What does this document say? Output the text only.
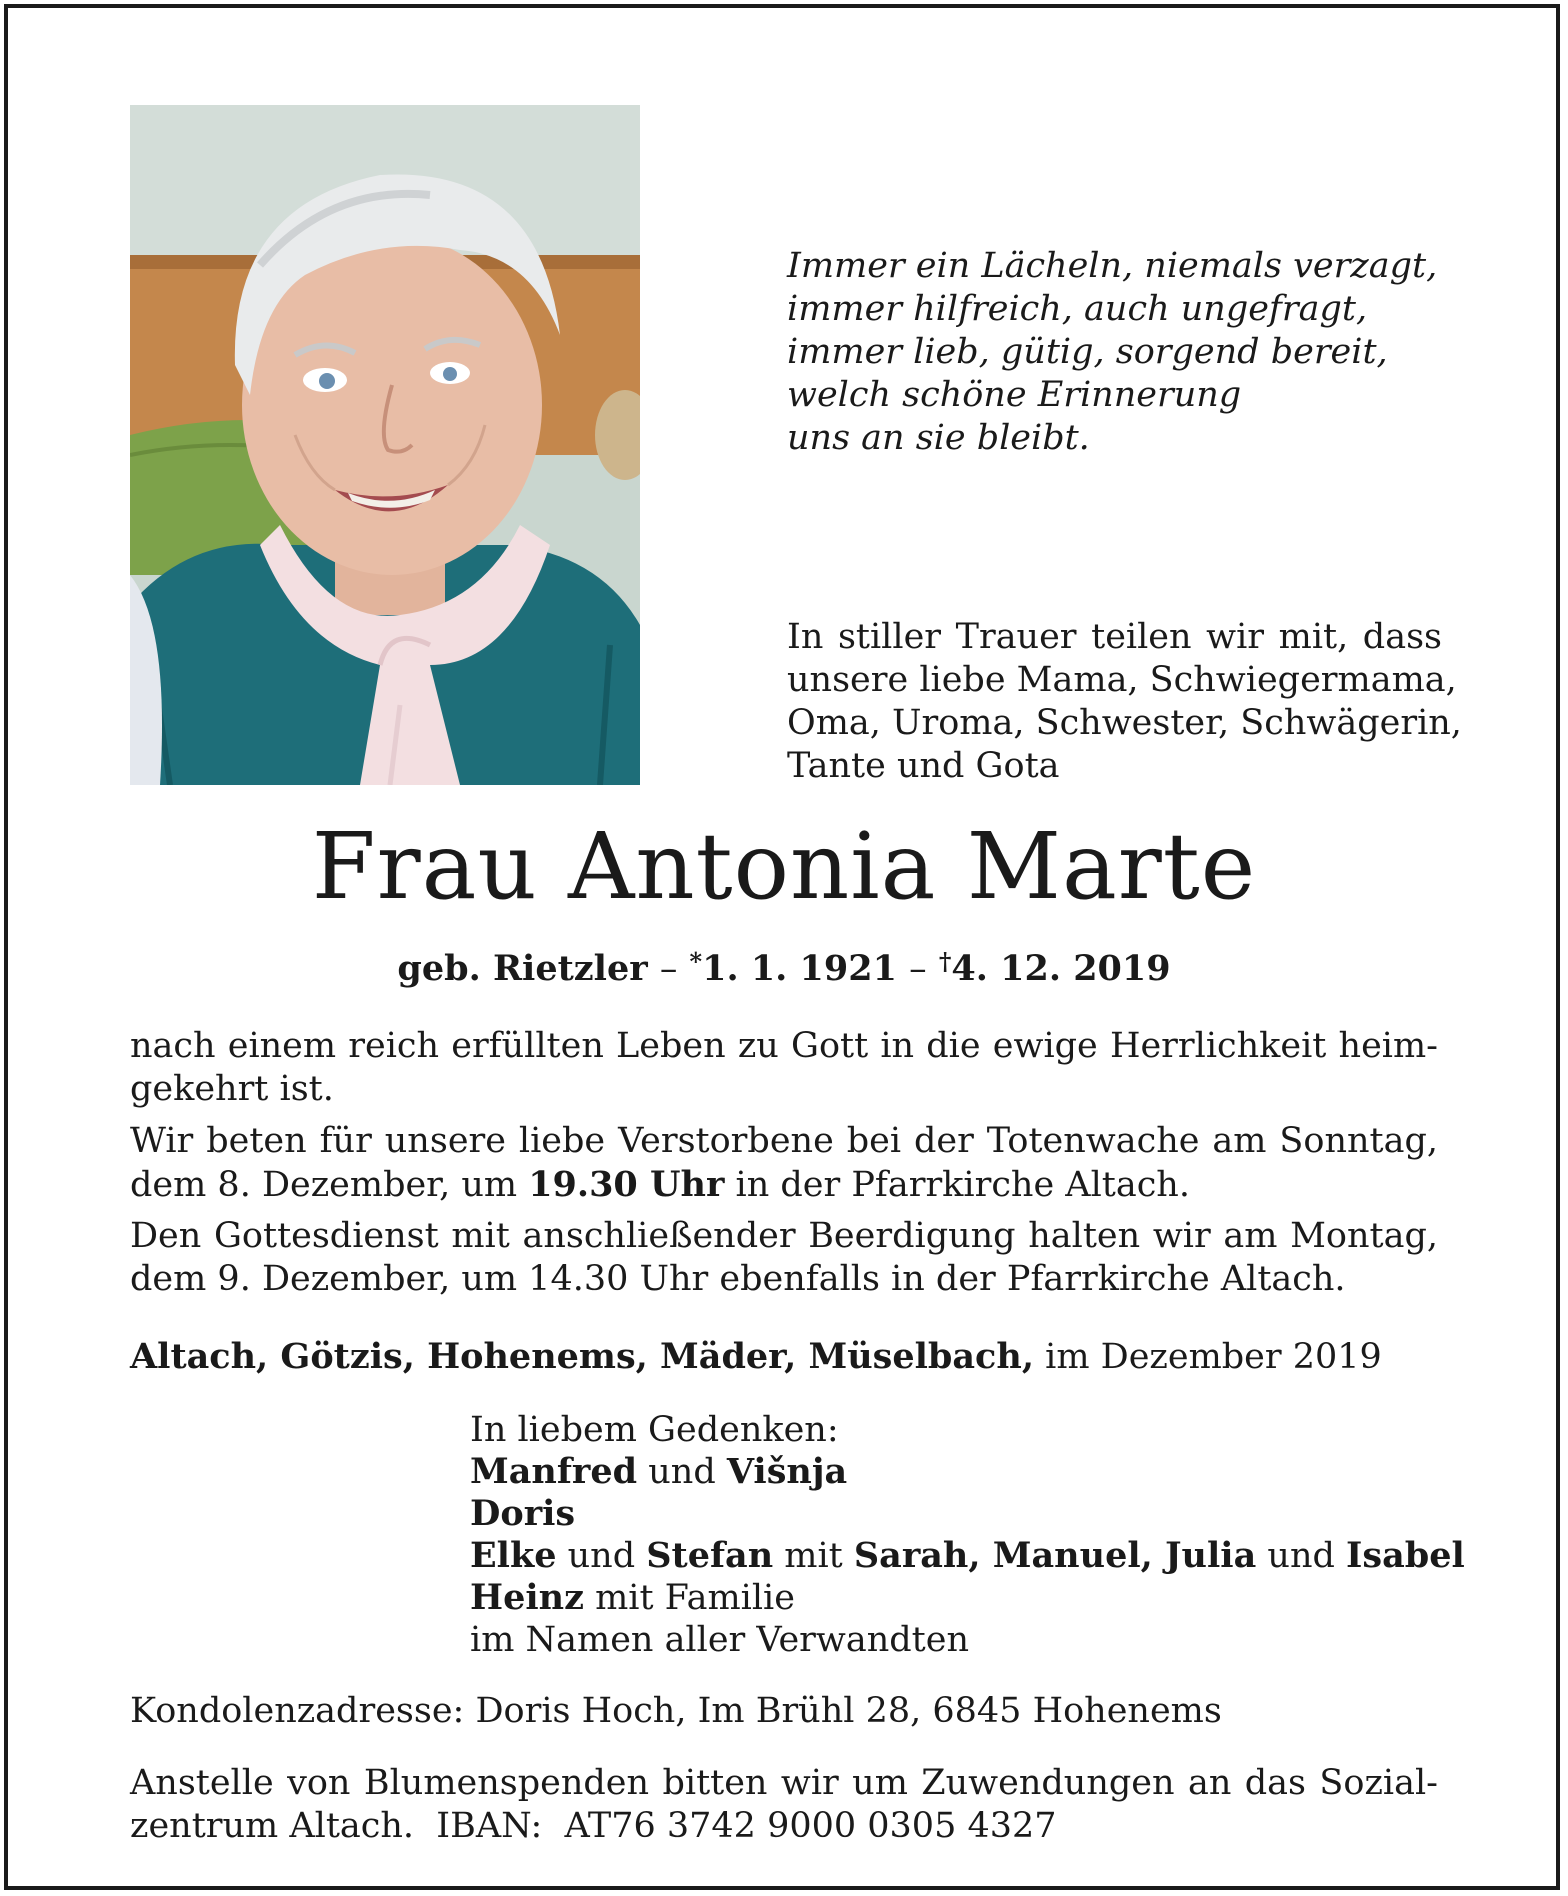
Immer ein Lächeln, niemals verzagt,
immer hilfreich, auch ungefragt,
immer lieb, gütig, sorgend bereit,
welch schöne Erinnerung
uns an sie bleibt.
In stiller Trauer teilen wir mit, dass
unsere liebe Mama, Schwiegermama,
Oma, Uroma, Schwester, Schwägerin,
Tante und Gota
Frau Antonia Marte
geb. Rietzler – *1. 1. 1921 – †4. 12. 2019
nach einem reich erfüllten Leben zu Gott in die ewige Herrlichkeit heim-
gekehrt ist.
Wir beten für unsere liebe Verstorbene bei der Totenwache am Sonntag,
dem 8. Dezember, um 19.30 Uhr in der Pfarrkirche Altach.
Den Gottesdienst mit anschließender Beerdigung halten wir am Montag,
dem 9. Dezember, um 14.30 Uhr ebenfalls in der Pfarrkirche Altach.
Altach, Götzis, Hohenems, Mäder, Müselbach, im Dezember 2019
In liebem Gedenken:
Manfred und Višnja
Doris
Elke und Stefan mit Sarah, Manuel, Julia und Isabel
Heinz mit Familie
im Namen aller Verwandten
Kondolenzadresse: Doris Hoch, Im Brühl 28, 6845 Hohenems
Anstelle von Blumenspenden bitten wir um Zuwendungen an das Sozial-
zentrum Altach.  IBAN:  AT76 3742 9000 0305 4327
